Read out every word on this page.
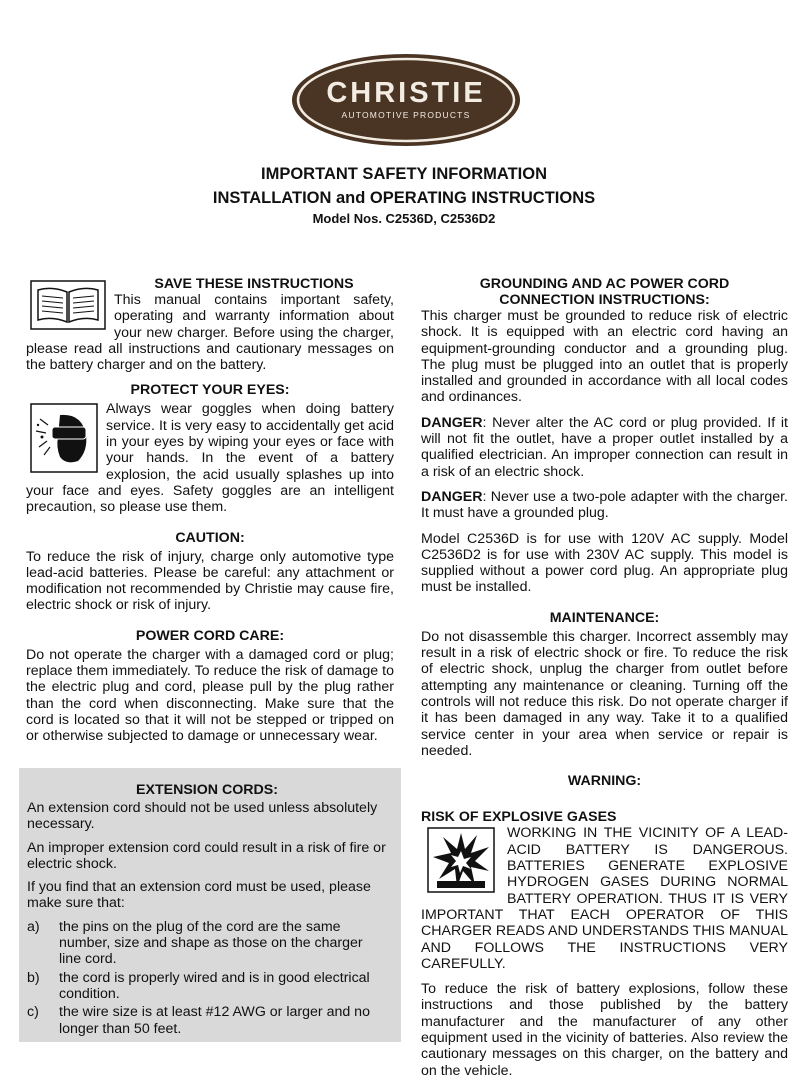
CHRISTIE
AUTOMOTIVE PRODUCTS

IMPORTANT SAFETY INFORMATION

INSTALLATION and OPERATING INSTRUCTIONS

Model Nos. C2536D, C2536D2

SAVE THESE INSTRUCTIONS

This manual contains important safety, operating and warranty information about your new charger. Before using the charger, please read all instructions and cautionary messages on the battery charger and on the battery.

PROTECT YOUR EYES:

Always wear goggles when doing battery service. It is very easy to accidentally get acid in your eyes by wiping your eyes or face with your hands. In the event of a battery explosion, the acid usually splashes up into your face and eyes. Safety goggles are an intelligent precaution, so please use them.

CAUTION:

To reduce the risk of injury, charge only automotive type lead-acid batteries. Please be careful: any attachment or modification not recommended by Christie may cause fire, electric shock or risk of injury.

POWER CORD CARE:

Do not operate the charger with a damaged cord or plug; replace them immediately. To reduce the risk of damage to the electric plug and cord, please pull by the plug rather than the cord when disconnecting. Make sure that the cord is located so that it will not be stepped or tripped on or otherwise subjected to damage or unnecessary wear.

EXTENSION CORDS:

An extension cord should not be used unless absolutely necessary.

An improper extension cord could result in a risk of fire or electric shock.

If you find that an extension cord must be used, please make sure that:

a)	the pins on the plug of the cord are the same number, size and shape as those on the charger line cord.
b)	the cord is properly wired and is in good electrical condition.
c)	the wire size is at least #12 AWG or larger and no longer than 50 feet.
GROUNDING AND AC POWER CORD
CONNECTION INSTRUCTIONS:

This charger must be grounded to reduce risk of electric shock. It is equipped with an electric cord having an equipment-grounding conductor and a grounding plug. The plug must be plugged into an outlet that is properly installed and grounded in accordance with all local codes and ordinances.

DANGER: Never alter the AC cord or plug provided. If it will not fit the outlet, have a proper outlet installed by a qualified electrician. An improper connection can result in a risk of an electric shock.

DANGER: Never use a two-pole adapter with the charger. It must have a grounded plug.

Model C2536D is for use with 120V AC supply. Model C2536D2 is for use with 230V AC supply. This model is supplied without a power cord plug. An appropriate plug must be installed.

MAINTENANCE:

Do not disassemble this charger. Incorrect assembly may result in a risk of electric shock or fire. To reduce the risk of electric shock, unplug the charger from outlet before attempting any maintenance or cleaning. Turning off the controls will not reduce this risk. Do not operate charger if it has been damaged in any way. Take it to a qualified service center in your area when service or repair is needed.

WARNING:

RISK OF EXPLOSIVE GASES

WORKING IN THE VICINITY OF A LEAD-ACID BATTERY IS DANGEROUS. BATTERIES GENERATE EXPLOSIVE HYDROGEN GASES DURING NORMAL BATTERY OPERATION. THUS IT IS VERY IMPORTANT THAT EACH OPERATOR OF THIS CHARGER READS AND UNDERSTANDS THIS MANUAL AND FOLLOWS THE INSTRUCTIONS VERY CAREFULLY.

To reduce the risk of battery explosions, follow these instructions and those published by the battery manufacturer and the manufacturer of any other equipment used in the vicinity of batteries. Also review the cautionary messages on this charger, on the battery and on the vehicle.
